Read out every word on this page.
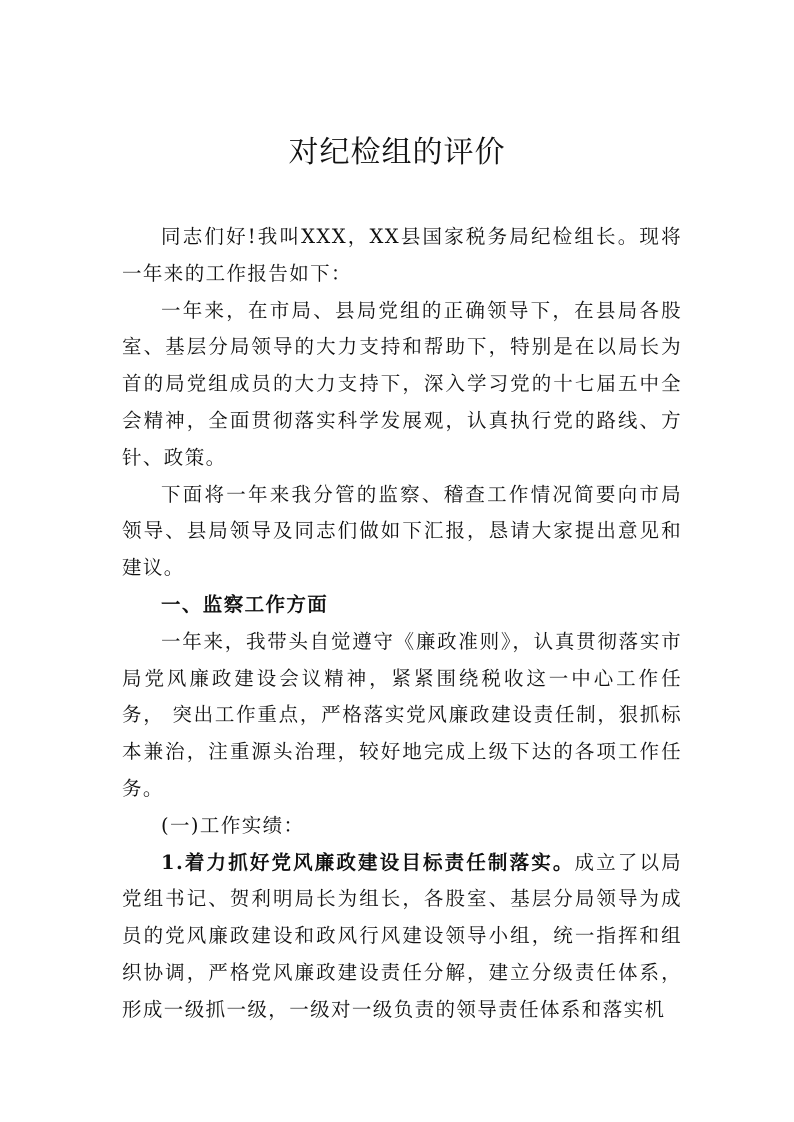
对纪检组的评价

同志们好!我叫XXX，XX县国家税务局纪检组长。现将一年来的工作报告如下：

一年来，在市局、县局党组的正确领导下，在县局各股室、基层分局领导的大力支持和帮助下，特别是在以局长为首的局党组成员的大力支持下，深入学习党的十七届五中全会精神，全面贯彻落实科学发展观，认真执行党的路线、方针、政策。

下面将一年来我分管的监察、稽查工作情况简要向市局领导、县局领导及同志们做如下汇报，恳请大家提出意见和建议。

一、监察工作方面

一年来，我带头自觉遵守《廉政准则》，认真贯彻落实市局党风廉政建设会议精神，紧紧围绕税收这一中心工作任务， 突出工作重点，严格落实党风廉政建设责任制，狠抓标本兼治，注重源头治理，较好地完成上级下达的各项工作任务。

(一)工作实绩：

1.着力抓好党风廉政建设目标责任制落实。成立了以局党组书记、贺利明局长为组长，各股室、基层分局领导为成员的党风廉政建设和政风行风建设领导小组，统一指挥和组织协调，严格党风廉政建设责任分解，建立分级责任体系， 形成一级抓一级，一级对一级负责的领导责任体系和落实机
